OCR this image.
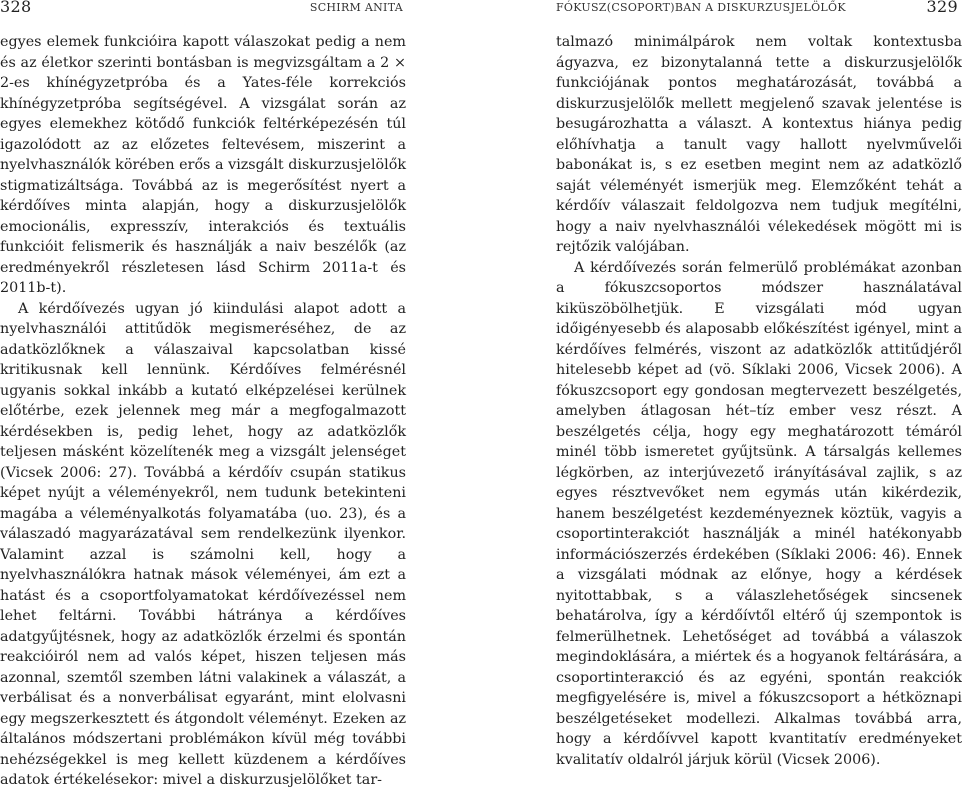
328	SCHIRM ANITA

egyes elemek funkcióira kapott válaszokat pedig a nem és az életkor szerinti bontásban is megvizsgáltam a 2 × 2-es khínégyzetpróba és a Yates-féle korrekciós khínégyzetpróba segítségével. A vizsgálat során az egyes elemekhez kötődő funkciók feltérképezésén túl igazolódott az az előzetes feltevésem, miszerint a nyelvhasználók körében erős a vizsgált diskurzusjelölők stigmatizáltsága. Továbbá az is megerősítést nyert a kérdőíves minta alapján, hogy a diskurzusjelölők emocionális, expresszív, interakciós és textuális funkcióit felismerik és használják a naiv beszélők (az eredményekről részletesen lásd Schirm 2011a-t és 2011b-t).

A kérdőívezés ugyan jó kiindulási alapot adott a nyelvhasználói attitűdök megismeréséhez, de az adatközlőknek a válaszaival kapcsolatban kissé kritikusnak kell lennünk. Kérdőíves felmérésnél ugyanis sokkal inkább a kutató elképzelései kerülnek előtérbe, ezek jelennek meg már a megfogalmazott kérdésekben is, pedig lehet, hogy az adatközlők teljesen másként közelítenék meg a vizsgált jelenséget (Vicsek 2006: 27). Továbbá a kérdőív csupán statikus képet nyújt a véleményekről, nem tudunk betekinteni magába a véleményalkotás folyamatába (uo. 23), és a válaszadó magyarázatával sem rendelkezünk ilyenkor. Valamint azzal is számolni kell, hogy a nyelvhasználókra hatnak mások véleményei, ám ezt a hatást és a csoportfolyamatokat kérdőívezéssel nem lehet feltárni. További hátránya a kérdőíves adatgyűjtésnek, hogy az adatközlők érzelmi és spontán reakcióiról nem ad valós képet, hiszen teljesen más azonnal, szemtől szemben látni valakinek a válaszát, a verbálisat és a nonverbálisat egyaránt, mint elolvasni egy megszerkesztett és átgondolt véleményt. Ezeken az általános módszertani problémákon kívül még további nehézségekkel is meg kellett küzdenem a kérdőíves adatok értékelésekor: mivel a diskurzusjelölőket tar-

FÓKUSZ(CSOPORT)BAN A DISKURZUSJELÖLŐK	329

talmazó minimálpárok nem voltak kontextusba ágyazva, ez bizonytalanná tette a diskurzusjelölők funkciójának pontos meghatározását, továbbá a diskurzusjelölők mellett megjelenő szavak jelentése is besugározhatta a választ. A kontextus hiánya pedig előhívhatja a tanult vagy hallott nyelvművelői babonákat is, s ez esetben megint nem az adatközlő saját véleményét ismerjük meg. Elemzőként tehát a kérdőív válaszait feldolgozva nem tudjuk megítélni, hogy a naiv nyelvhasználói vélekedések mögött mi is rejtőzik valójában.

A kérdőívezés során felmerülő problémákat azonban a fókuszcsoportos módszer használatával kiküszöbölhetjük. E vizsgálati mód ugyan időigényesebb és alaposabb előkészítést igényel, mint a kérdőíves felmérés, viszont az adatközlők attitűdjéről hitelesebb képet ad (vö. Síklaki 2006, Vicsek 2006). A fókuszcsoport egy gondosan megtervezett beszélgetés, amelyben átlagosan hét–tíz ember vesz részt. A beszélgetés célja, hogy egy meghatározott témáról minél több ismeretet gyűjtsünk. A társalgás kellemes légkörben, az interjúvezető irányításával zajlik, s az egyes résztvevőket nem egymás után kikérdezik, hanem beszélgetést kezdeményeznek köztük, vagyis a csoportinterakciót használják a minél hatékonyabb információszerzés érdekében (Síklaki 2006: 46). Ennek a vizsgálati módnak az előnye, hogy a kérdések nyitottabbak, s a válaszlehetőségek sincsenek behatárolva, így a kérdőívtől eltérő új szempontok is felmerülhetnek. Lehetőséget ad továbbá a válaszok megindoklására, a miértek és a hogyanok feltárására, a csoportinteraкció és az egyéni, spontán reakciók megfigyelésére is, mivel a fókuszcsoport a hétköznapi beszélgetéseket modellezi. Alkalmas továbbá arra, hogy a kérdőívvel kapott kvantitatív eredményeket kvalitatív oldalról járjuk körül (Vicsek 2006).
